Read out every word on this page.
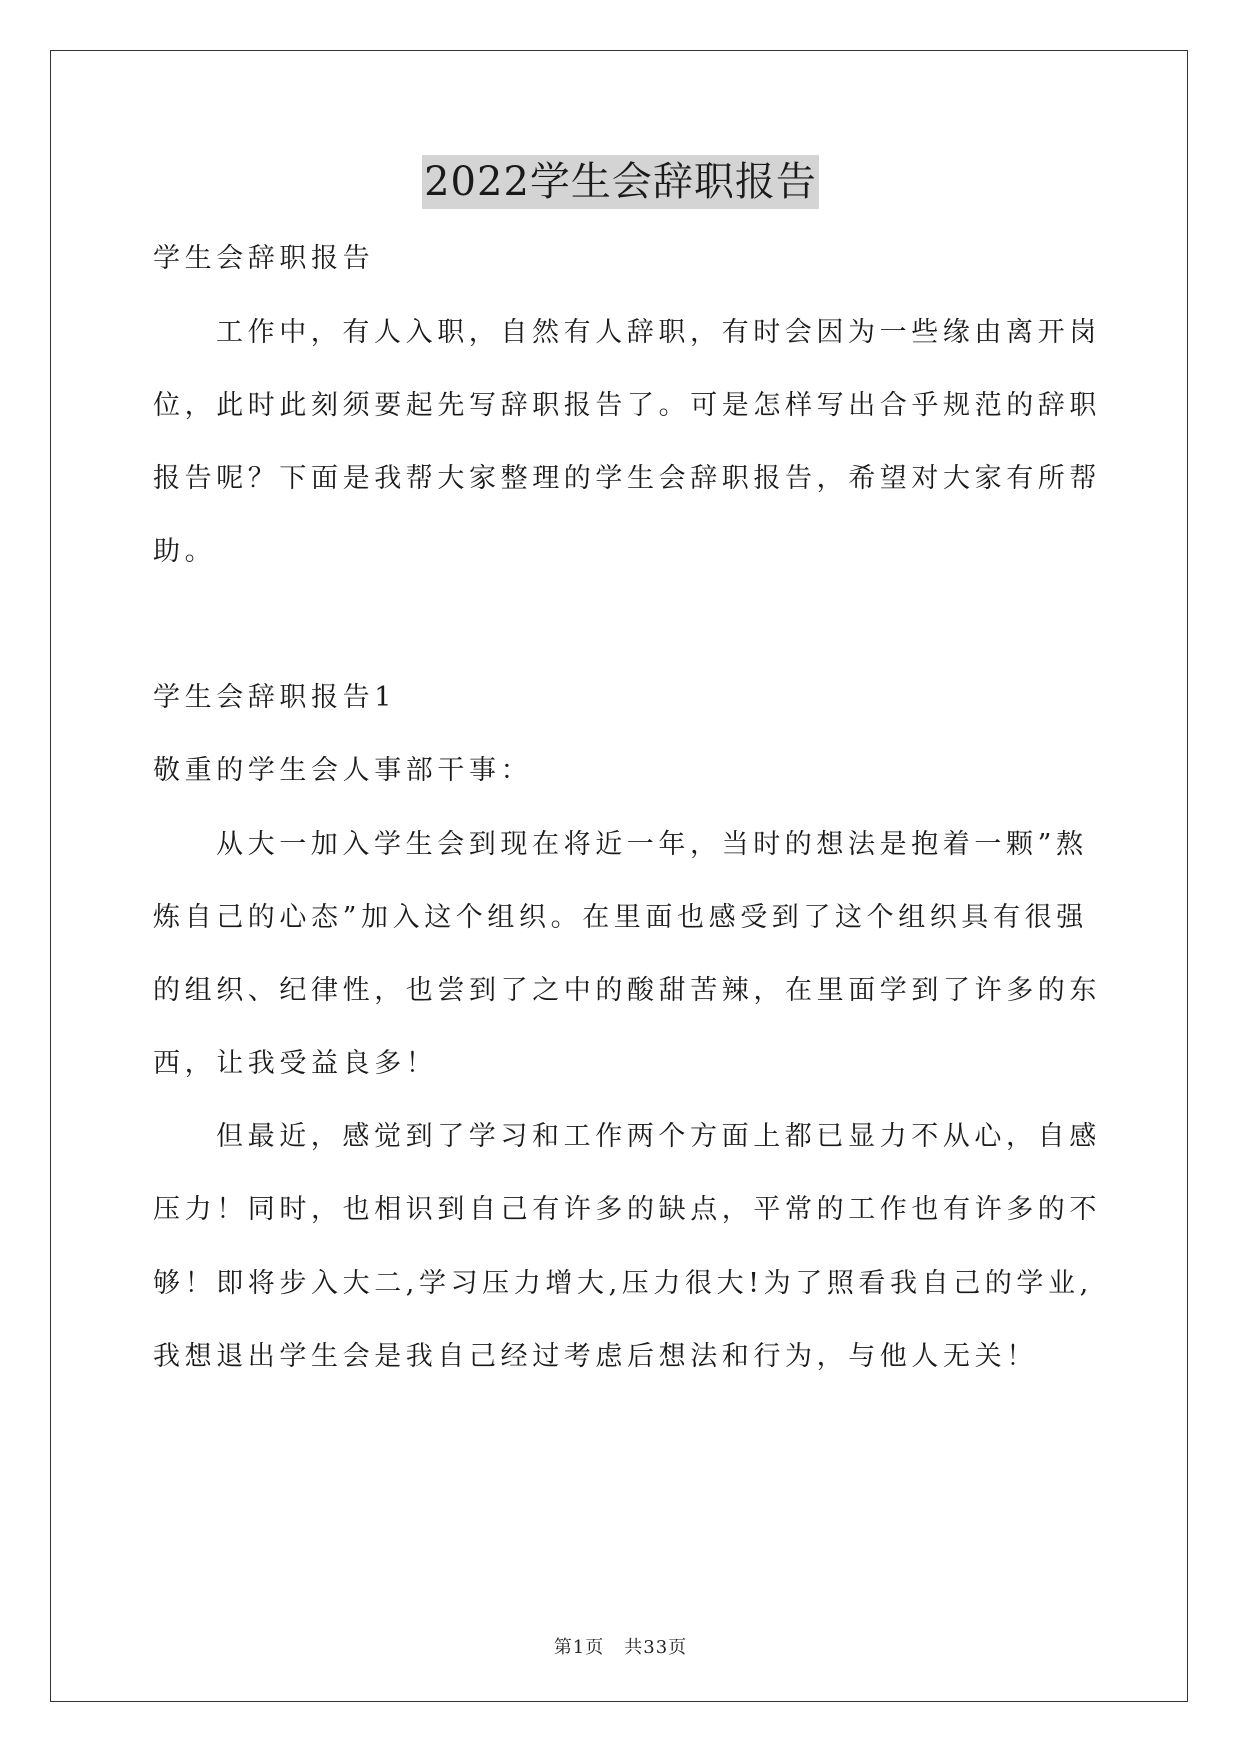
2022学生会辞职报告
学生会辞职报告
工作中，有人入职，自然有人辞职，有时会因为一些缘由离开岗
位，此时此刻须要起先写辞职报告了。可是怎样写出合乎规范的辞职
报告呢？下面是我帮大家整理的学生会辞职报告，希望对大家有所帮
助。
学生会辞职报告1
敬重的学生会人事部干事：
从大一加入学生会到现在将近一年，当时的想法是抱着一颗”熬
炼自己的心态”加入这个组织。在里面也感受到了这个组织具有很强
的组织、纪律性，也尝到了之中的酸甜苦辣，在里面学到了许多的东
西，让我受益良多！
但最近，感觉到了学习和工作两个方面上都已显力不从心，自感
压力！同时，也相识到自己有许多的缺点，平常的工作也有许多的不
够！即将步入大二,学习压力增大,压力很大!为了照看我自己的学业,
我想退出学生会是我自己经过考虑后想法和行为，与他人无关！
第1页 共33页
